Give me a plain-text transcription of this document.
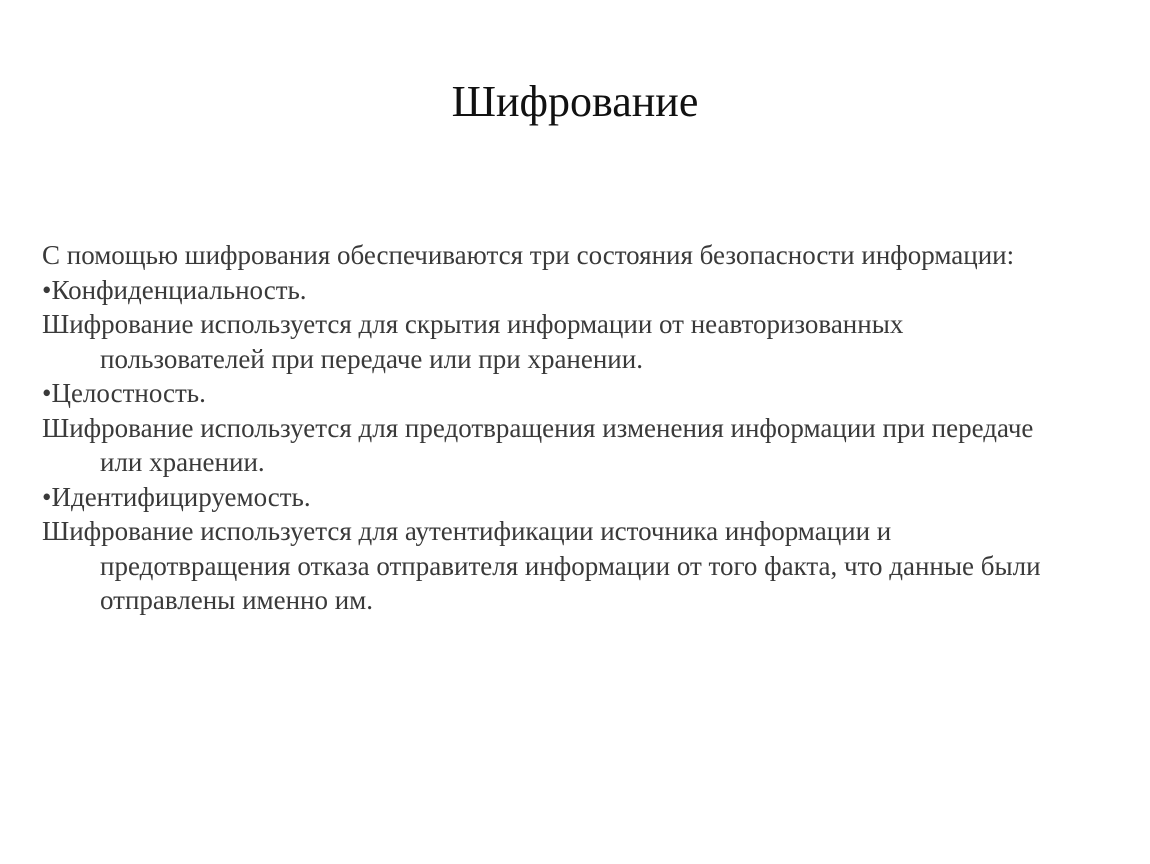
Шифрование

С помощью шифрования обеспечиваются три состояния безопасности информации:

•Конфиденциальность.

Шифрование используется для скрытия информации от неавторизованных
пользователей при передаче или при хранении.

•Целостность.

Шифрование используется для предотвращения изменения информации при передаче
или хранении.

•Идентифицируемость.

Шифрование используется для аутентификации источника информации и
предотвращения отказа отправителя информации от того факта, что данные были
отправлены именно им.
